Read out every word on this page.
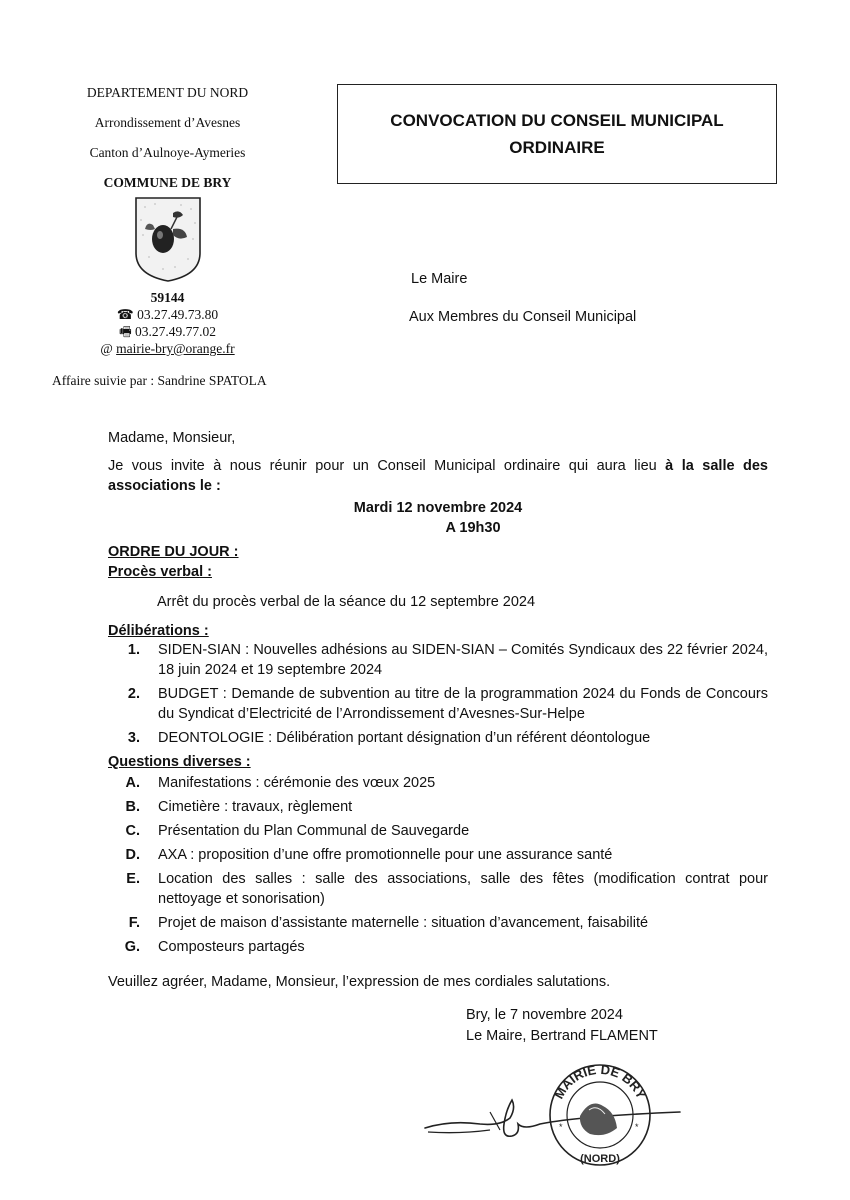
DEPARTEMENT DU NORD
Arrondissement d’Avesnes
Canton d’Aulnoye-Aymeries
COMMUNE DE BRY
59144
☎ 03.27.49.73.80
🖷 03.27.49.77.02
@ mairie-bry@orange.fr
Affaire suivie par : Sandrine SPATOLA
CONVOCATION DU CONSEIL MUNICIPAL
ORDINAIRE
Le Maire
Aux Membres du Conseil Municipal
Madame, Monsieur,
Je vous invite à nous réunir pour un Conseil Municipal ordinaire qui aura lieu à la salle des associations le :
Mardi 12 novembre 2024
A 19h30
ORDRE DU JOUR :
Procès verbal :
Arrêt du procès verbal de la séance du 12 septembre 2024
Délibérations :
1.	SIDEN-SIAN : Nouvelles adhésions au SIDEN-SIAN – Comités Syndicaux des 22 février 2024, 18 juin 2024 et 19 septembre 2024
2.	BUDGET : Demande de subvention au titre de la programmation 2024 du Fonds de Concours du Syndicat d’Electricité de l’Arrondissement d’Avesnes-Sur-Helpe
3.	DEONTOLOGIE : Délibération portant désignation d’un référent déontologue
Questions diverses :
A.	Manifestations : cérémonie des vœux 2025
B.	Cimetière : travaux, règlement
C.	Présentation du Plan Communal de Sauvegarde
D.	AXA : proposition d’une offre promotionnelle pour une assurance santé
E.	Location des salles : salle des associations, salle des fêtes (modification contrat pour nettoyage et sonorisation)
F.	Projet de maison d’assistante maternelle : situation d’avancement, faisabilité
G.	Composteurs partagés
Veuillez agréer, Madame, Monsieur, l’expression de mes cordiales salutations.
Bry, le 7 novembre 2024
Le Maire, Bertrand FLAMENT
MAIRIE DE BRY
(NORD)
*	*
